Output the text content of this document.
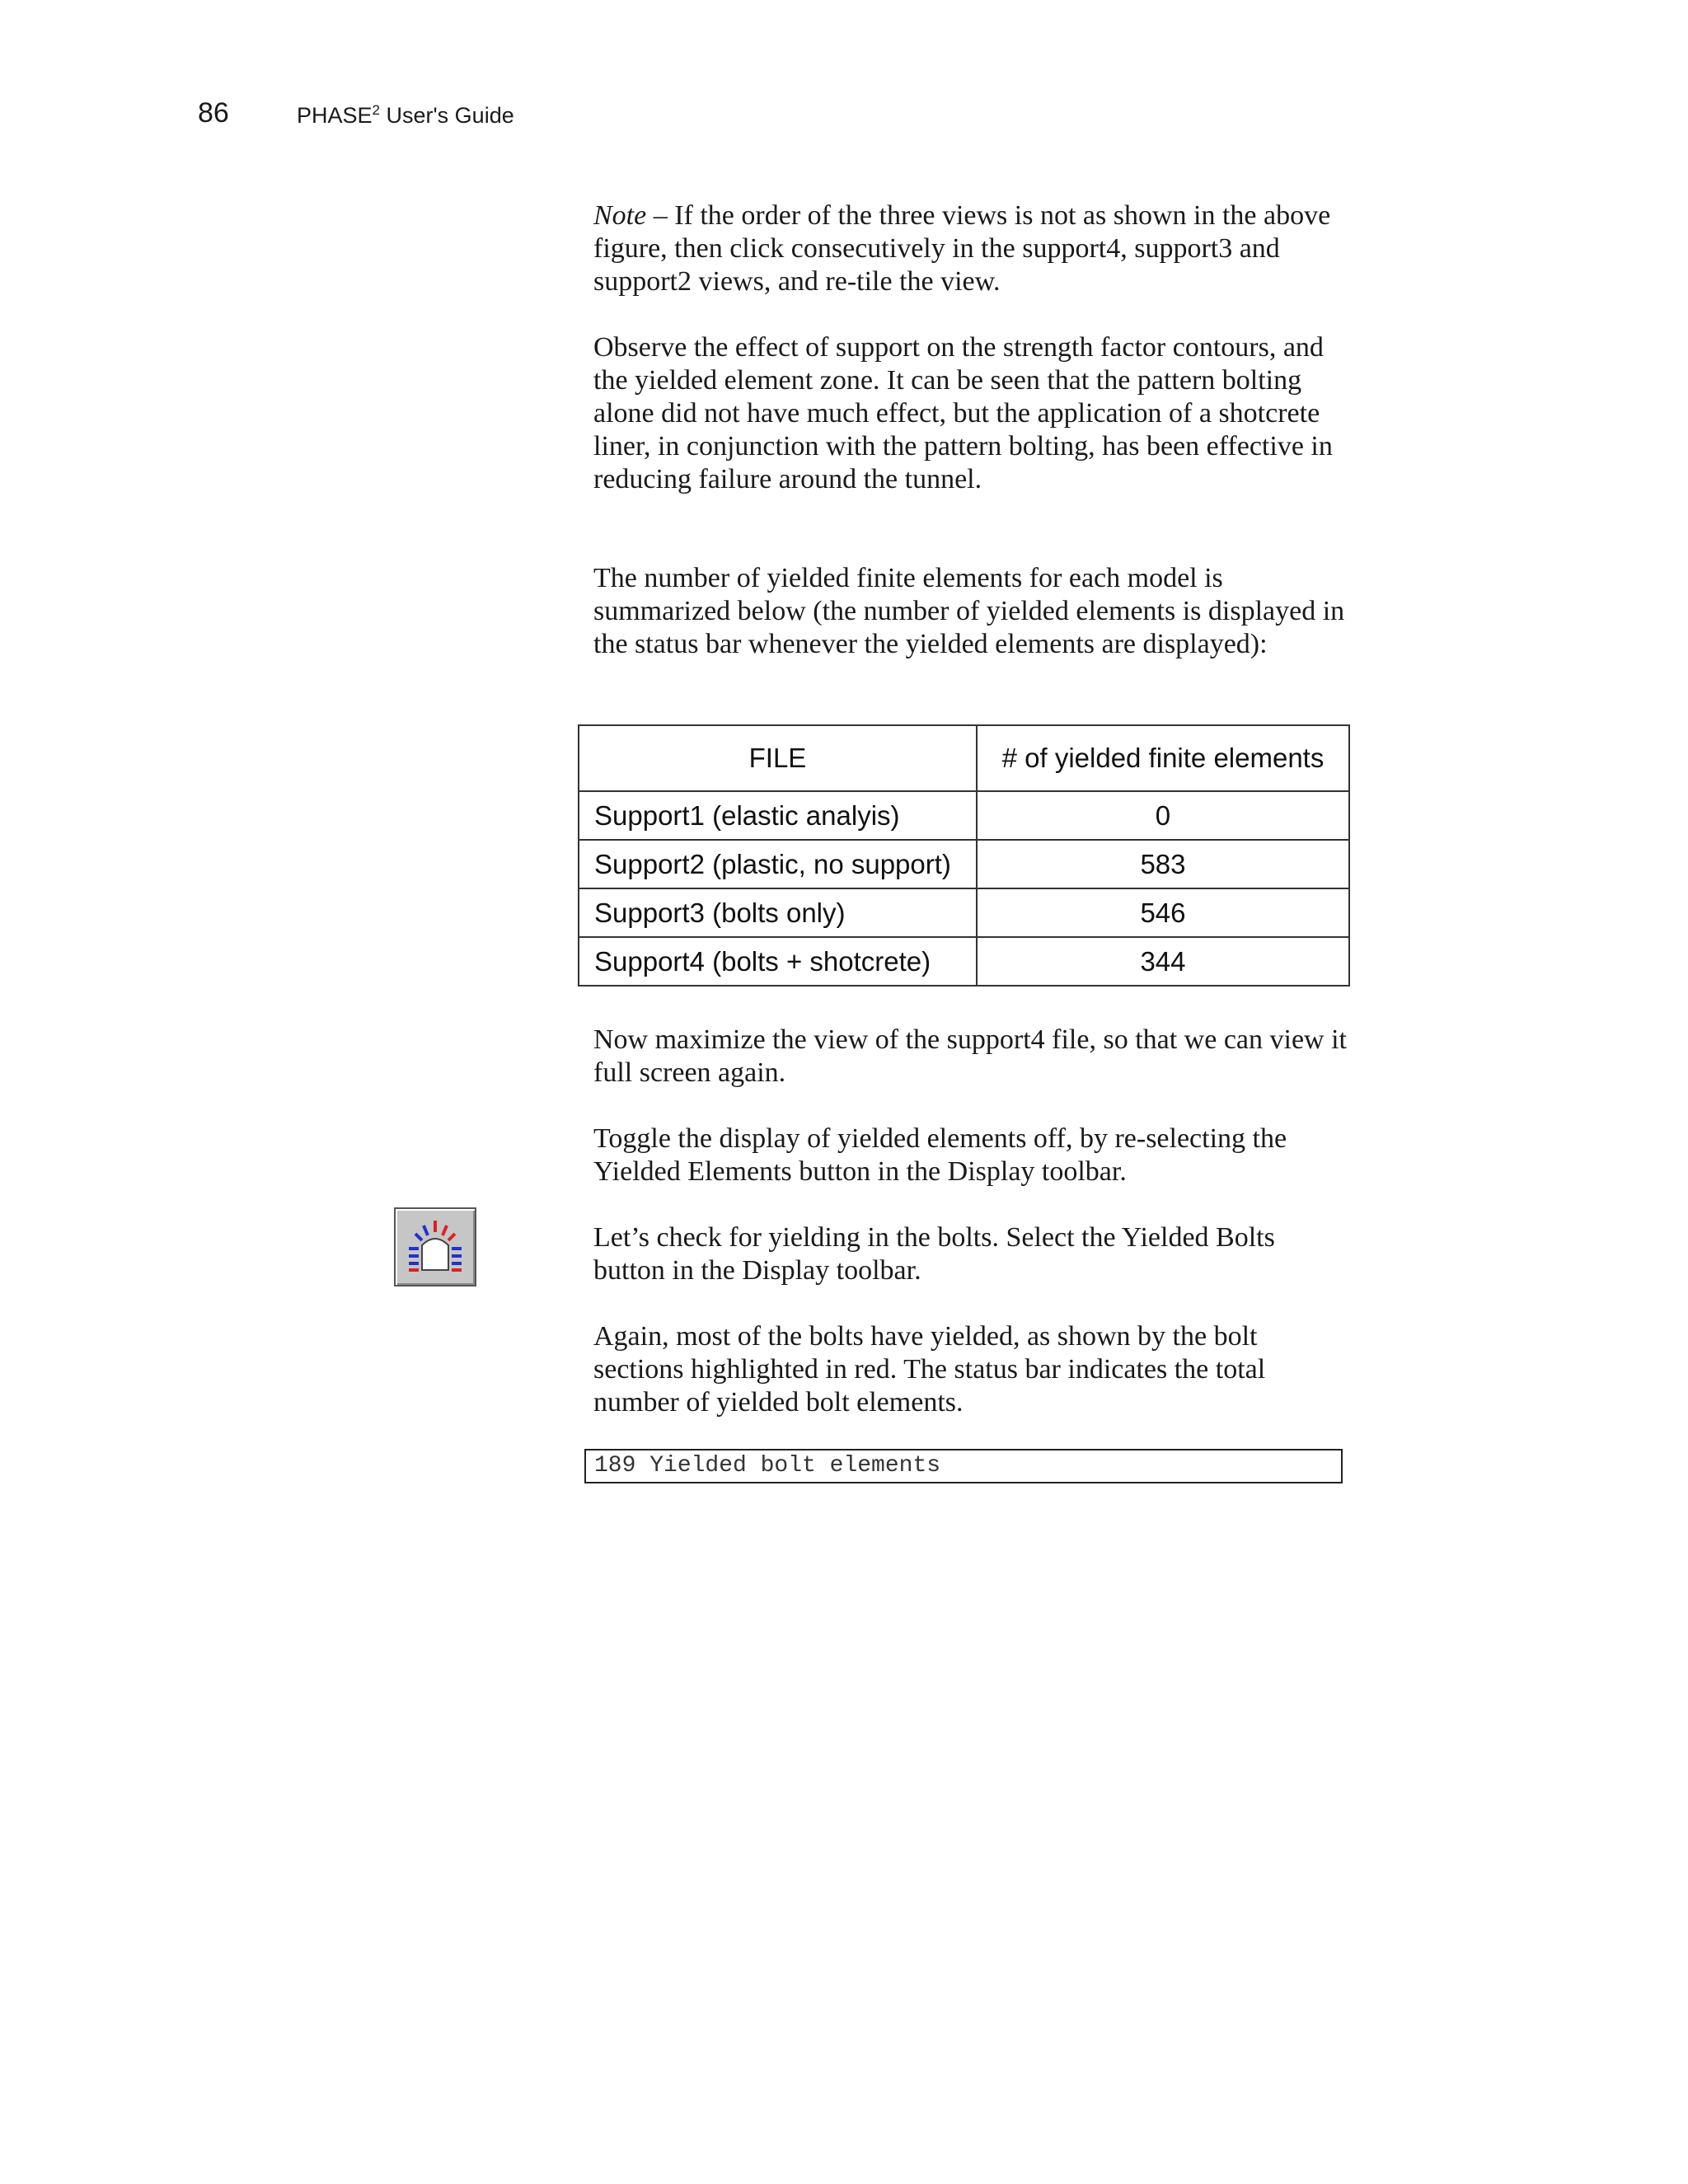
86	PHASE$^2$ User's Guide

Note – If the order of the three views is not as shown in the above figure, then click consecutively in the support4, support3 and support2 views, and re-tile the view.

Observe the effect of support on the strength factor contours, and the yielded element zone. It can be seen that the pattern bolting alone did not have much effect, but the application of a shotcrete liner, in conjunction with the pattern bolting, has been effective in reducing failure around the tunnel.

The number of yielded finite elements for each model is summarized below (the number of yielded elements is displayed in the status bar whenever the yielded elements are displayed):

FILE	# of yielded finite elements
Support1 (elastic analyis)	0
Support2 (plastic, no support)	583
Support3 (bolts only)	546
Support4 (bolts + shotcrete)	344

Now maximize the view of the support4 file, so that we can view it full screen again.

Toggle the display of yielded elements off, by re-selecting the Yielded Elements button in the Display toolbar.

Let’s check for yielding in the bolts. Select the Yielded Bolts button in the Display toolbar.

Again, most of the bolts have yielded, as shown by the bolt sections highlighted in red. The status bar indicates the total number of yielded bolt elements.

189 Yielded bolt elements
